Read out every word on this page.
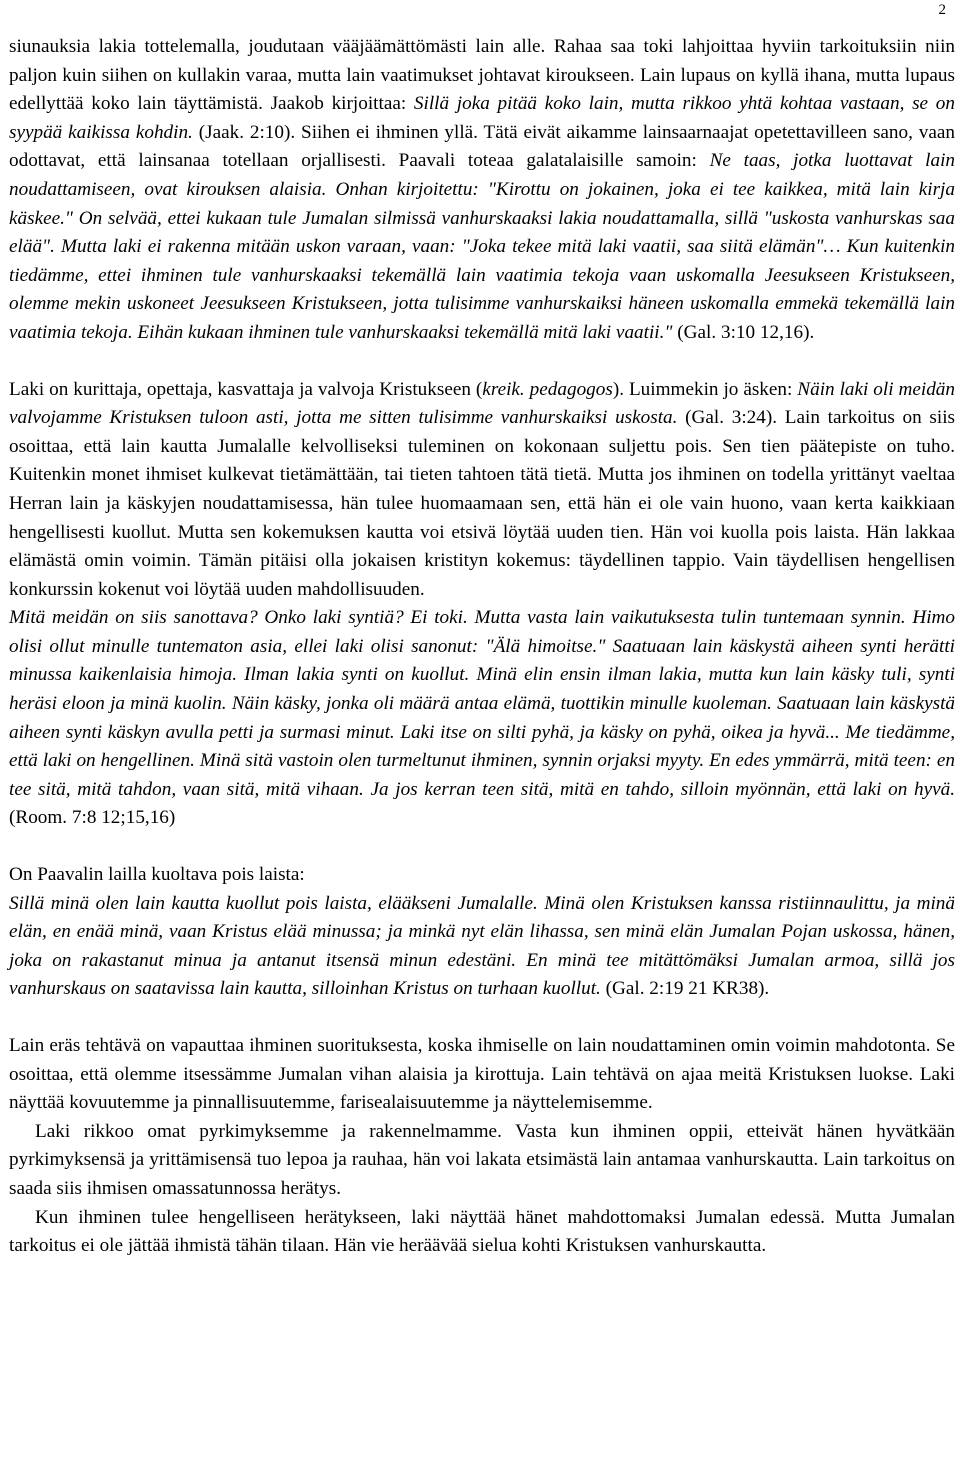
2

siunauksia lakia tottelemalla, joudutaan vääjäämättömästi lain alle. Rahaa saa toki lahjoittaa hyviin tarkoituksiin niin paljon kuin siihen on kullakin varaa, mutta lain vaatimukset johtavat kiroukseen. Lain lupaus on kyllä ihana, mutta lupaus edellyttää koko lain täyttämistä. Jaakob kirjoittaa: Sillä joka pitää koko lain, mutta rikkoo yhtä kohtaa vastaan, se on syypää kaikissa kohdin. (Jaak. 2:10). Siihen ei ihminen yllä. Tätä eivät aikamme lainsaarnaajat opetettavilleen sano, vaan odottavat, että lainsanaa totellaan orjallisesti. Paavali toteaa galatalaisille samoin: Ne taas, jotka luottavat lain noudattamiseen, ovat kirouksen alaisia. Onhan kirjoitettu: "Kirottu on jokainen, joka ei tee kaikkea, mitä lain kirja käskee." On selvää, ettei kukaan tule Jumalan silmissä vanhurskaaksi lakia noudattamalla, sillä "uskosta vanhurskas saa elää". Mutta laki ei rakenna mitään uskon varaan, vaan: "Joka tekee mitä laki vaatii, saa siitä elämän"… Kun kuitenkin tiedämme, ettei ihminen tule vanhurskaaksi tekemällä lain vaatimia tekoja vaan uskomalla Jeesukseen Kristukseen, olemme mekin uskoneet Jeesukseen Kristukseen, jotta tulisimme vanhurskaiksi häneen uskomalla emmekä tekemällä lain vaatimia tekoja. Eihän kukaan ihminen tule vanhurskaaksi tekemällä mitä laki vaatii." (Gal. 3:10 12,16).

Laki on kurittaja, opettaja, kasvattaja ja valvoja Kristukseen (kreik. pedagogos). Luimmekin jo äsken: Näin laki oli meidän valvojamme Kristuksen tuloon asti, jotta me sitten tulisimme vanhurskaiksi uskosta. (Gal. 3:24). Lain tarkoitus on siis osoittaa, että lain kautta Jumalalle kelvolliseksi tuleminen on kokonaan suljettu pois. Sen tien päätepiste on tuho. Kuitenkin monet ihmiset kulkevat tietämättään, tai tieten tahtoen tätä tietä. Mutta jos ihminen on todella yrittänyt vaeltaa Herran lain ja käskyjen noudattamisessa, hän tulee huomaamaan sen, että hän ei ole vain huono, vaan kerta kaikkiaan hengellisesti kuollut. Mutta sen kokemuksen kautta voi etsivä löytää uuden tien. Hän voi kuolla pois laista. Hän lakkaa elämästä omin voimin. Tämän pitäisi olla jokaisen kristityn kokemus: täydellinen tappio. Vain täydellisen hengellisen konkurssin kokenut voi löytää uuden mahdollisuuden.

Mitä meidän on siis sanottava? Onko laki syntiä? Ei toki. Mutta vasta lain vaikutuksesta tulin tuntemaan synnin. Himo olisi ollut minulle tuntematon asia, ellei laki olisi sanonut: "Älä himoitse." Saatuaan lain käskystä aiheen synti herätti minussa kaikenlaisia himoja. Ilman lakia synti on kuollut. Minä elin ensin ilman lakia, mutta kun lain käsky tuli, synti heräsi eloon ja minä kuolin. Näin käsky, jonka oli määrä antaa elämä, tuottikin minulle kuoleman. Saatuaan lain käskystä aiheen synti käskyn avulla petti ja surmasi minut. Laki itse on silti pyhä, ja käsky on pyhä, oikea ja hyvä... Me tiedämme, että laki on hengellinen. Minä sitä vastoin olen turmeltunut ihminen, synnin orjaksi myyty. En edes ymmärrä, mitä teen: en tee sitä, mitä tahdon, vaan sitä, mitä vihaan. Ja jos kerran teen sitä, mitä en tahdo, silloin myönnän, että laki on hyvä. (Room. 7:8 12;15,16)

On Paavalin lailla kuoltava pois laista:

Sillä minä olen lain kautta kuollut pois laista, elääkseni Jumalalle. Minä olen Kristuksen kanssa ristiinnaulittu, ja minä elän, en enää minä, vaan Kristus elää minussa; ja minkä nyt elän lihassa, sen minä elän Jumalan Pojan uskossa, hänen, joka on rakastanut minua ja antanut itsensä minun edestäni. En minä tee mitättömäksi Jumalan armoa, sillä jos vanhurskaus on saatavissa lain kautta, silloinhan Kristus on turhaan kuollut. (Gal. 2:19 21 KR38).

Lain eräs tehtävä on vapauttaa ihminen suorituksesta, koska ihmiselle on lain noudattaminen omin voimin mahdotonta. Se osoittaa, että olemme itsessämme Jumalan vihan alaisia ja kirottuja. Lain tehtävä on ajaa meitä Kristuksen luokse. Laki näyttää kovuutemme ja pinnallisuutemme, farisealaisuutemme ja näyttelemisemme.

Laki rikkoo omat pyrkimyksemme ja rakennelmamme. Vasta kun ihminen oppii, etteivät hänen hyvätkään pyrkimyksensä ja yrittämisensä tuo lepoa ja rauhaa, hän voi lakata etsimästä lain antamaa vanhurskautta. Lain tarkoitus on saada siis ihmisen omassatunnossa herätys.

Kun ihminen tulee hengelliseen herätykseen, laki näyttää hänet mahdottomaksi Jumalan edessä. Mutta Jumalan tarkoitus ei ole jättää ihmistä tähän tilaan. Hän vie heräävää sielua kohti Kristuksen vanhurskautta.
